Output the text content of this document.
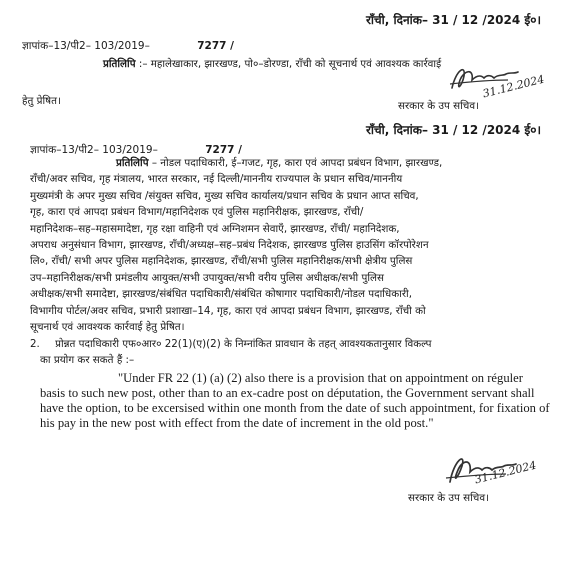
राँची, दिनांक– 31 / 12 /2024 ई०।
ज्ञापांक–13/पी2– 103/2019–	7277 /
प्रतिलिपि :– महालेखाकार, झारखण्ड, पो०–डोरण्डा, राँची को सूचनार्थ एवं आवश्यक कार्रवाई
हेतु प्रेषित।
31.12.2024
सरकार के उप सचिव।
राँची, दिनांक– 31 / 12 /2024 ई०।
ज्ञापांक–13/पी2– 103/2019–	7277 /
प्रतिलिपि – नोडल पदाधिकारी, ई–गजट, गृह, कारा एवं आपदा प्रबंधन विभाग, झारखण्ड,
राँची/अवर सचिव, गृह मंत्रालय, भारत सरकार, नई दिल्ली/माननीय राज्यपाल के प्रधान सचिव/माननीय
मुख्यमंत्री के अपर मुख्य सचिव /संयुक्त सचिव, मुख्य सचिव कार्यालय/प्रधान सचिव के प्रधान आप्त सचिव,
गृह, कारा एवं आपदा प्रबंधन विभाग/महानिदेशक एवं पुलिस महानिरीक्षक, झारखण्ड, राँची/
महानिदेशक–सह–महासमादेष्टा, गृह रक्षा वाहिनी एवं अग्निशमन सेवाएँ, झारखण्ड, राँची/ महानिदेशक,
अपराध अनुसंधान विभाग, झारखण्ड, राँची/अध्यक्ष–सह–प्रबंध निदेशक, झारखण्ड पुलिस हाउसिंग कॉरपोरेशन
लि०, राँची/ सभी अपर पुलिस महानिदेशक, झारखण्ड, राँची/सभी पुलिस महानिरीक्षक/सभी क्षेत्रीय पुलिस
उप–महानिरीक्षक/सभी प्रमंडलीय आयुक्त/सभी उपायुक्त/सभी वरीय पुलिस अधीक्षक/सभी पुलिस
अधीक्षक/सभी समादेष्टा, झारखण्ड/संबंधित पदाधिकारी/संबंधित कोषागार पदाधिकारी/नोडल पदाधिकारी,
विभागीय पोर्टल/अवर सचिव, प्रभारी प्रशाखा–14, गृह, कारा एवं आपदा प्रबंधन विभाग, झारखण्ड, राँची को
सूचनार्थ एवं आवश्यक कार्रवाई हेतु प्रेषित।
2. प्रोन्नत पदाधिकारी एफ०आर० 22(1)(ए)(2) के निम्नांकित प्रावधान के तहत् आवश्यकतानुसार विकल्प
का प्रयोग कर सकते हैं :–
"Under FR 22 (1) (a) (2) also there is a provision that on appointment on réguler
basis to such new post, other than to an ex-cadre post on députation, the Government servant shall
have the option, to be excersised within one month from the date of such appointment, for fixation of
his pay in the new post with effect from the date of increment in the old post."
31.12.2024
सरकार के उप सचिव।
